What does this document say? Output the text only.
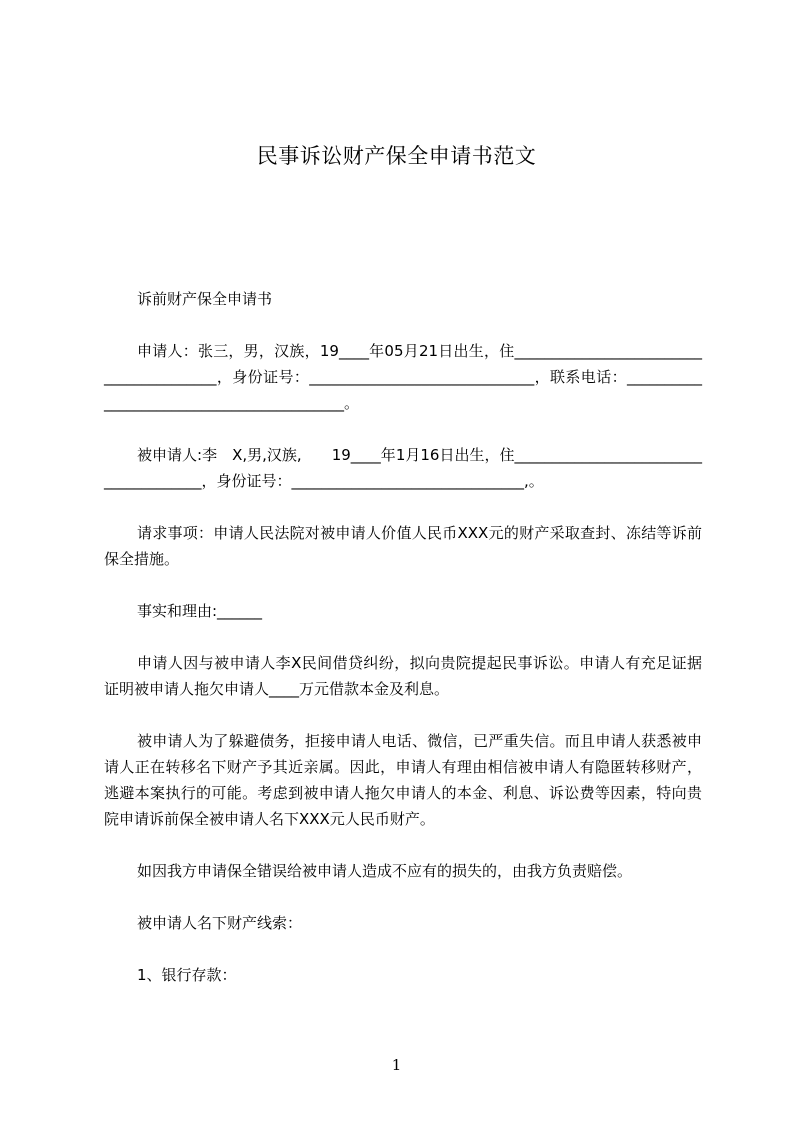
民事诉讼财产保全申请书范文

诉前财产保全申请书

申请人：张三，男，汉族，19____年05月21日出生，住________________________________________，身份证号：______________________________，联系电话：__________________________________________。

被申请人:李　X,男,汉族,　　19____年1月16日出生，住______________________________________，身份证号：_______________________________,。

请求事项：申请人民法院对被申请人价值人民币XXX元的财产采取查封、冻结等诉前保全措施。

事实和理由:______

申请人因与被申请人李X民间借贷纠纷，拟向贵院提起民事诉讼。申请人有充足证据证明被申请人拖欠申请人____万元借款本金及利息。

被申请人为了躲避债务，拒接申请人电话、微信，已严重失信。而且申请人获悉被申请人正在转移名下财产予其近亲属。因此，申请人有理由相信被申请人有隐匿转移财产，逃避本案执行的可能。考虑到被申请人拖欠申请人的本金、利息、诉讼费等因素，特向贵院申请诉前保全被申请人名下XXX元人民币财产。

如因我方申请保全错误给被申请人造成不应有的损失的，由我方负责赔偿。

被申请人名下财产线索：

1、银行存款：

1
